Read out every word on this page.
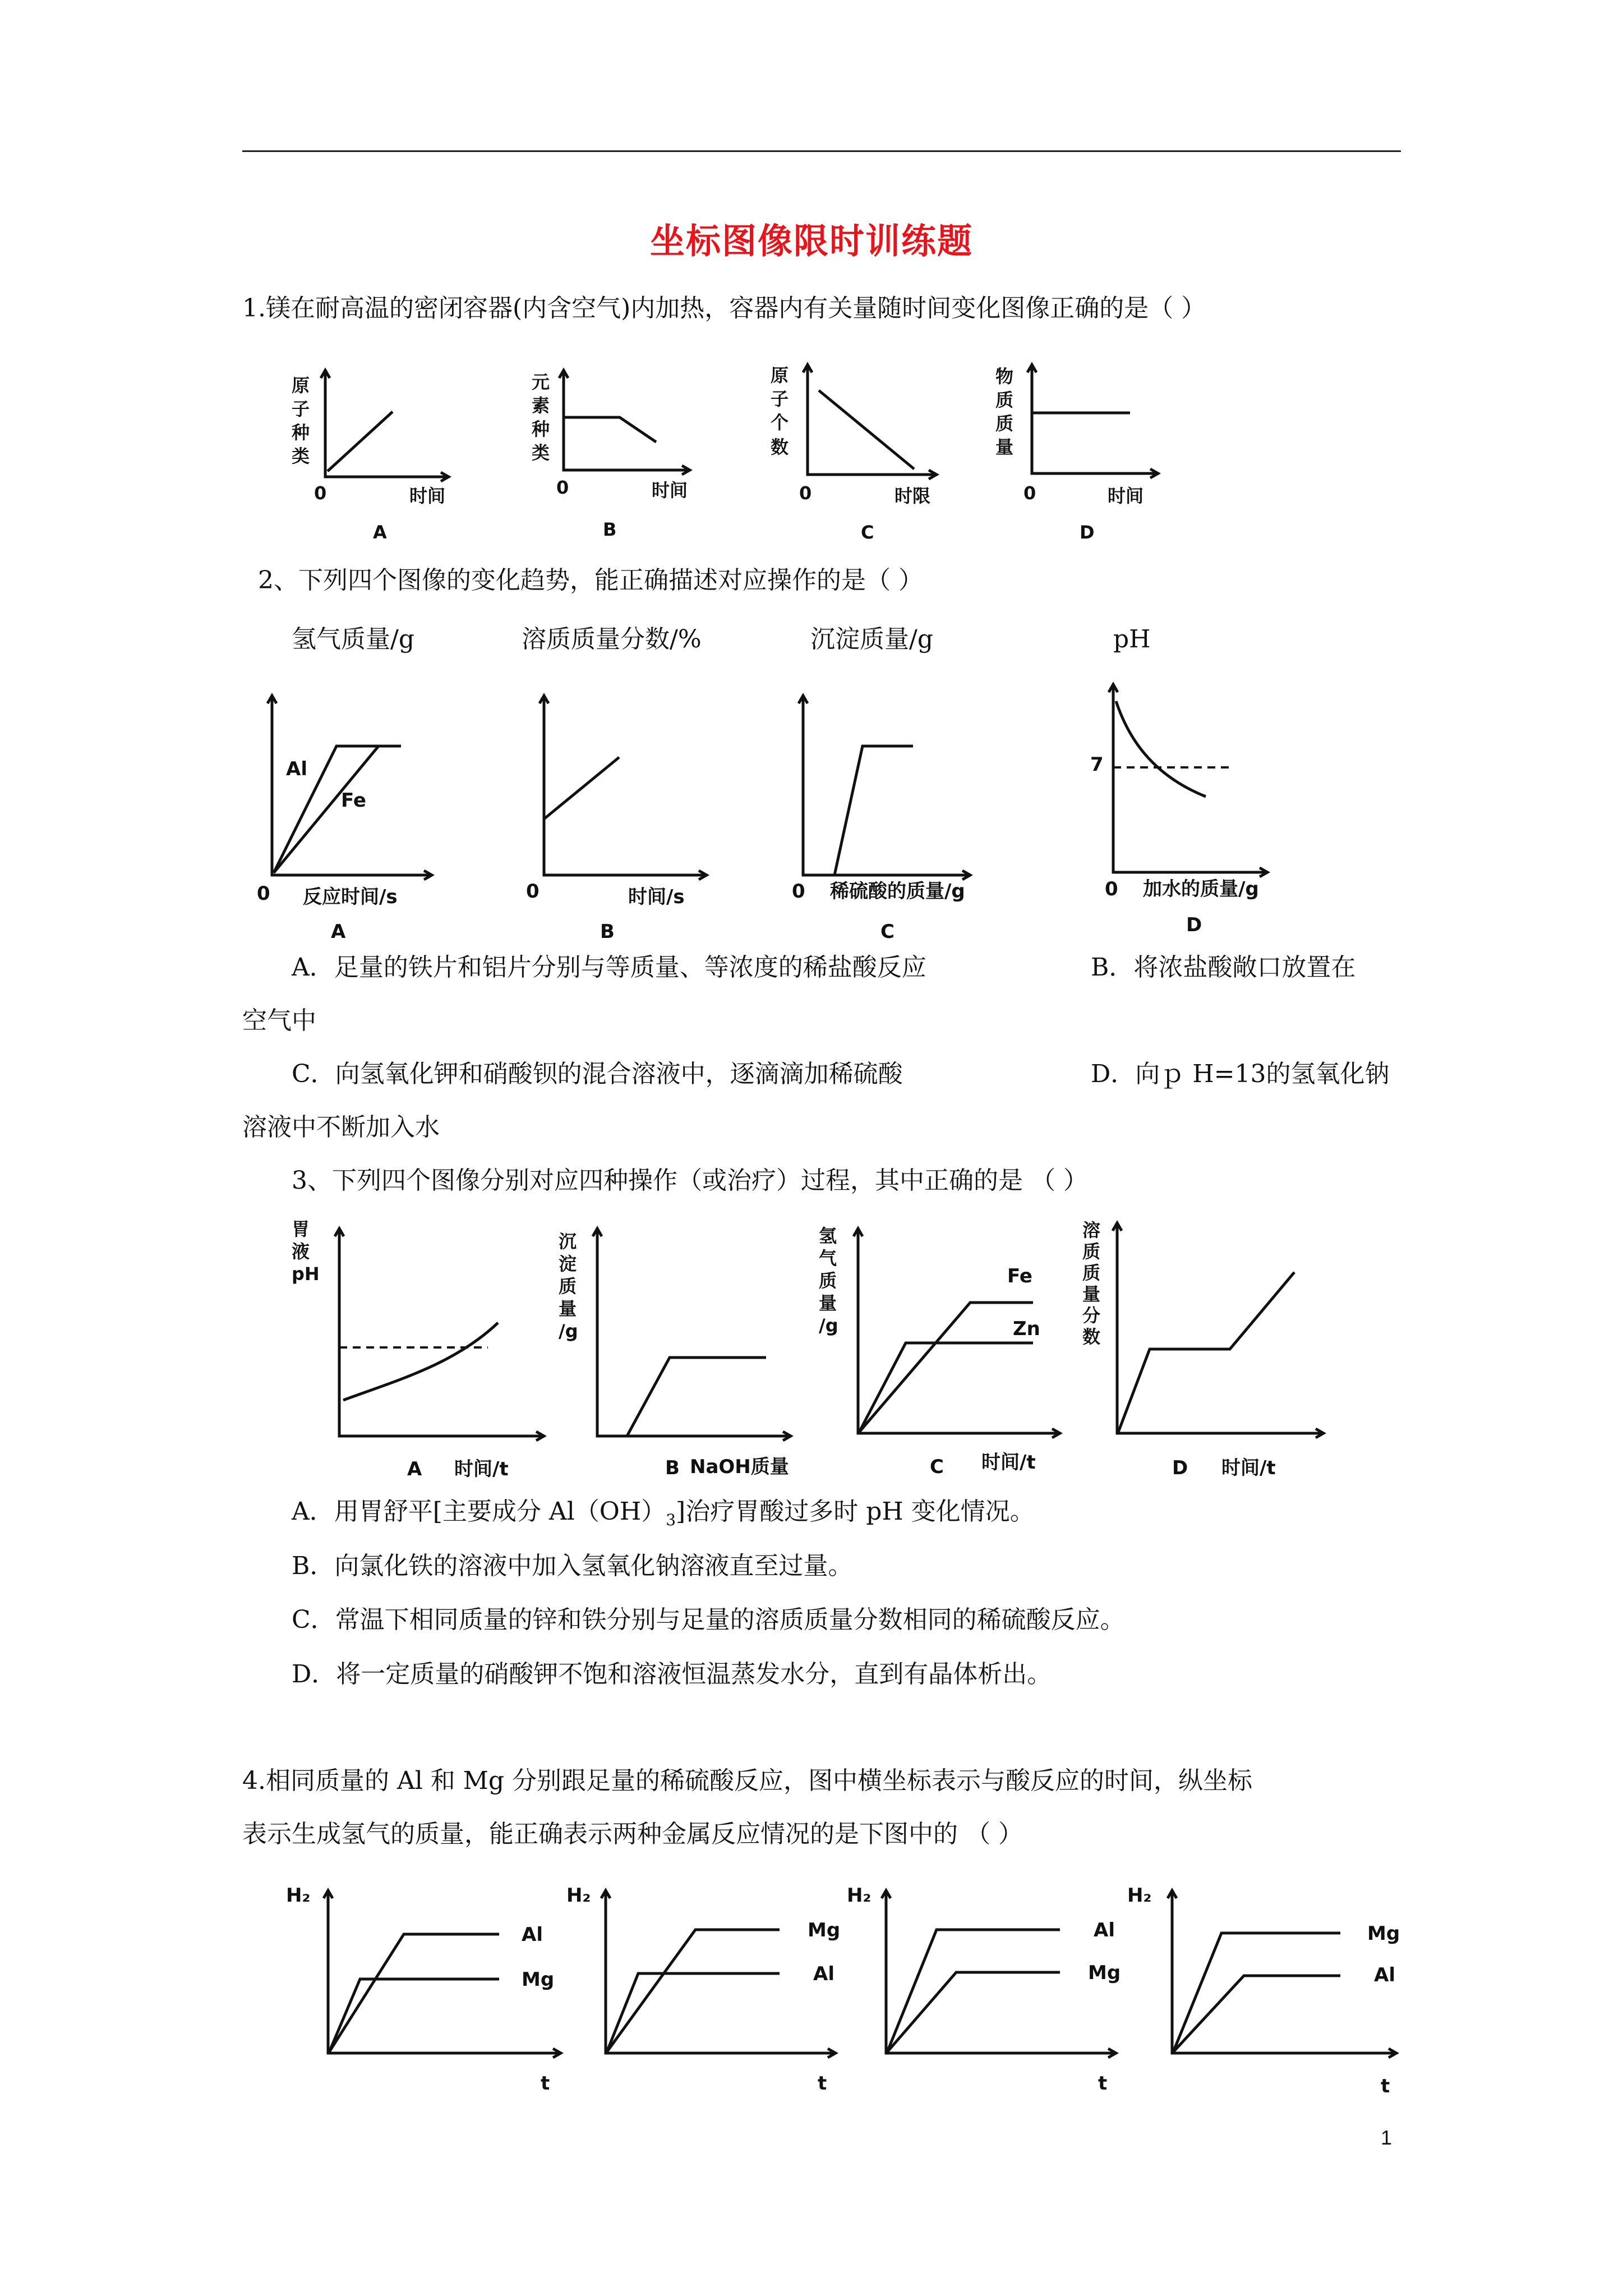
坐标图像限时训练题
1.镁在耐高温的密闭容器(内含空气)内加热，容器内有关量随时间变化图像正确的是（ ）
原
子
种
类
0	时间
A
元
素
种
类
0	时间
B
原
子
个
数
0	时限
C
物
质
质
量
0	时间
D
2、下列四个图像的变化趋势，能正确描述对应操作的是（ ）
氢气质量/g	溶质质量分数/%	沉淀质量/g	pH
Al
Fe
0 反应时间/s
A
0	时间/s
B
0 稀硫酸的质量/g
C
7
0 加水的质量/g
D
A．足量的铁片和铝片分别与等质量、等浓度的稀盐酸反应	B．将浓盐酸敞口放置在
空气中
C．向氢氧化钾和硝酸钡的混合溶液中，逐滴滴加稀硫酸	D．向ｐ H=13的氢氧化钠
溶液中不断加入水
3、下列四个图像分别对应四种操作（或治疗）过程，其中正确的是 （ ）
胃
液
pH
A 时间/t
沉
淀
质
量
/g
B NaOH质量
氢
气
质
量
/g
Fe
Zn
C 时间/t
溶
质
质
量
分
数
D 时间/t
A．用胃舒平[主要成分 $Al(OH)_3$]治疗胃酸过多时 pH 变化情况。
B．向氯化铁的溶液中加入氢氧化钠溶液直至过量。
C．常温下相同质量的锌和铁分别与足量的溶质质量分数相同的稀硫酸反应。
D．将一定质量的硝酸钾不饱和溶液恒温蒸发水分，直到有晶体析出。
4.相同质量的 Al 和 Mg 分别跟足量的稀硫酸反应，图中横坐标表示与酸反应的时间，纵坐标
表示生成氢气的质量，能正确表示两种金属反应情况的是下图中的 （ ）
H₂
Al
Mg
t
H₂
Mg
Al
t
H₂
Al
Mg
t
H₂
Mg
Al
t
1
